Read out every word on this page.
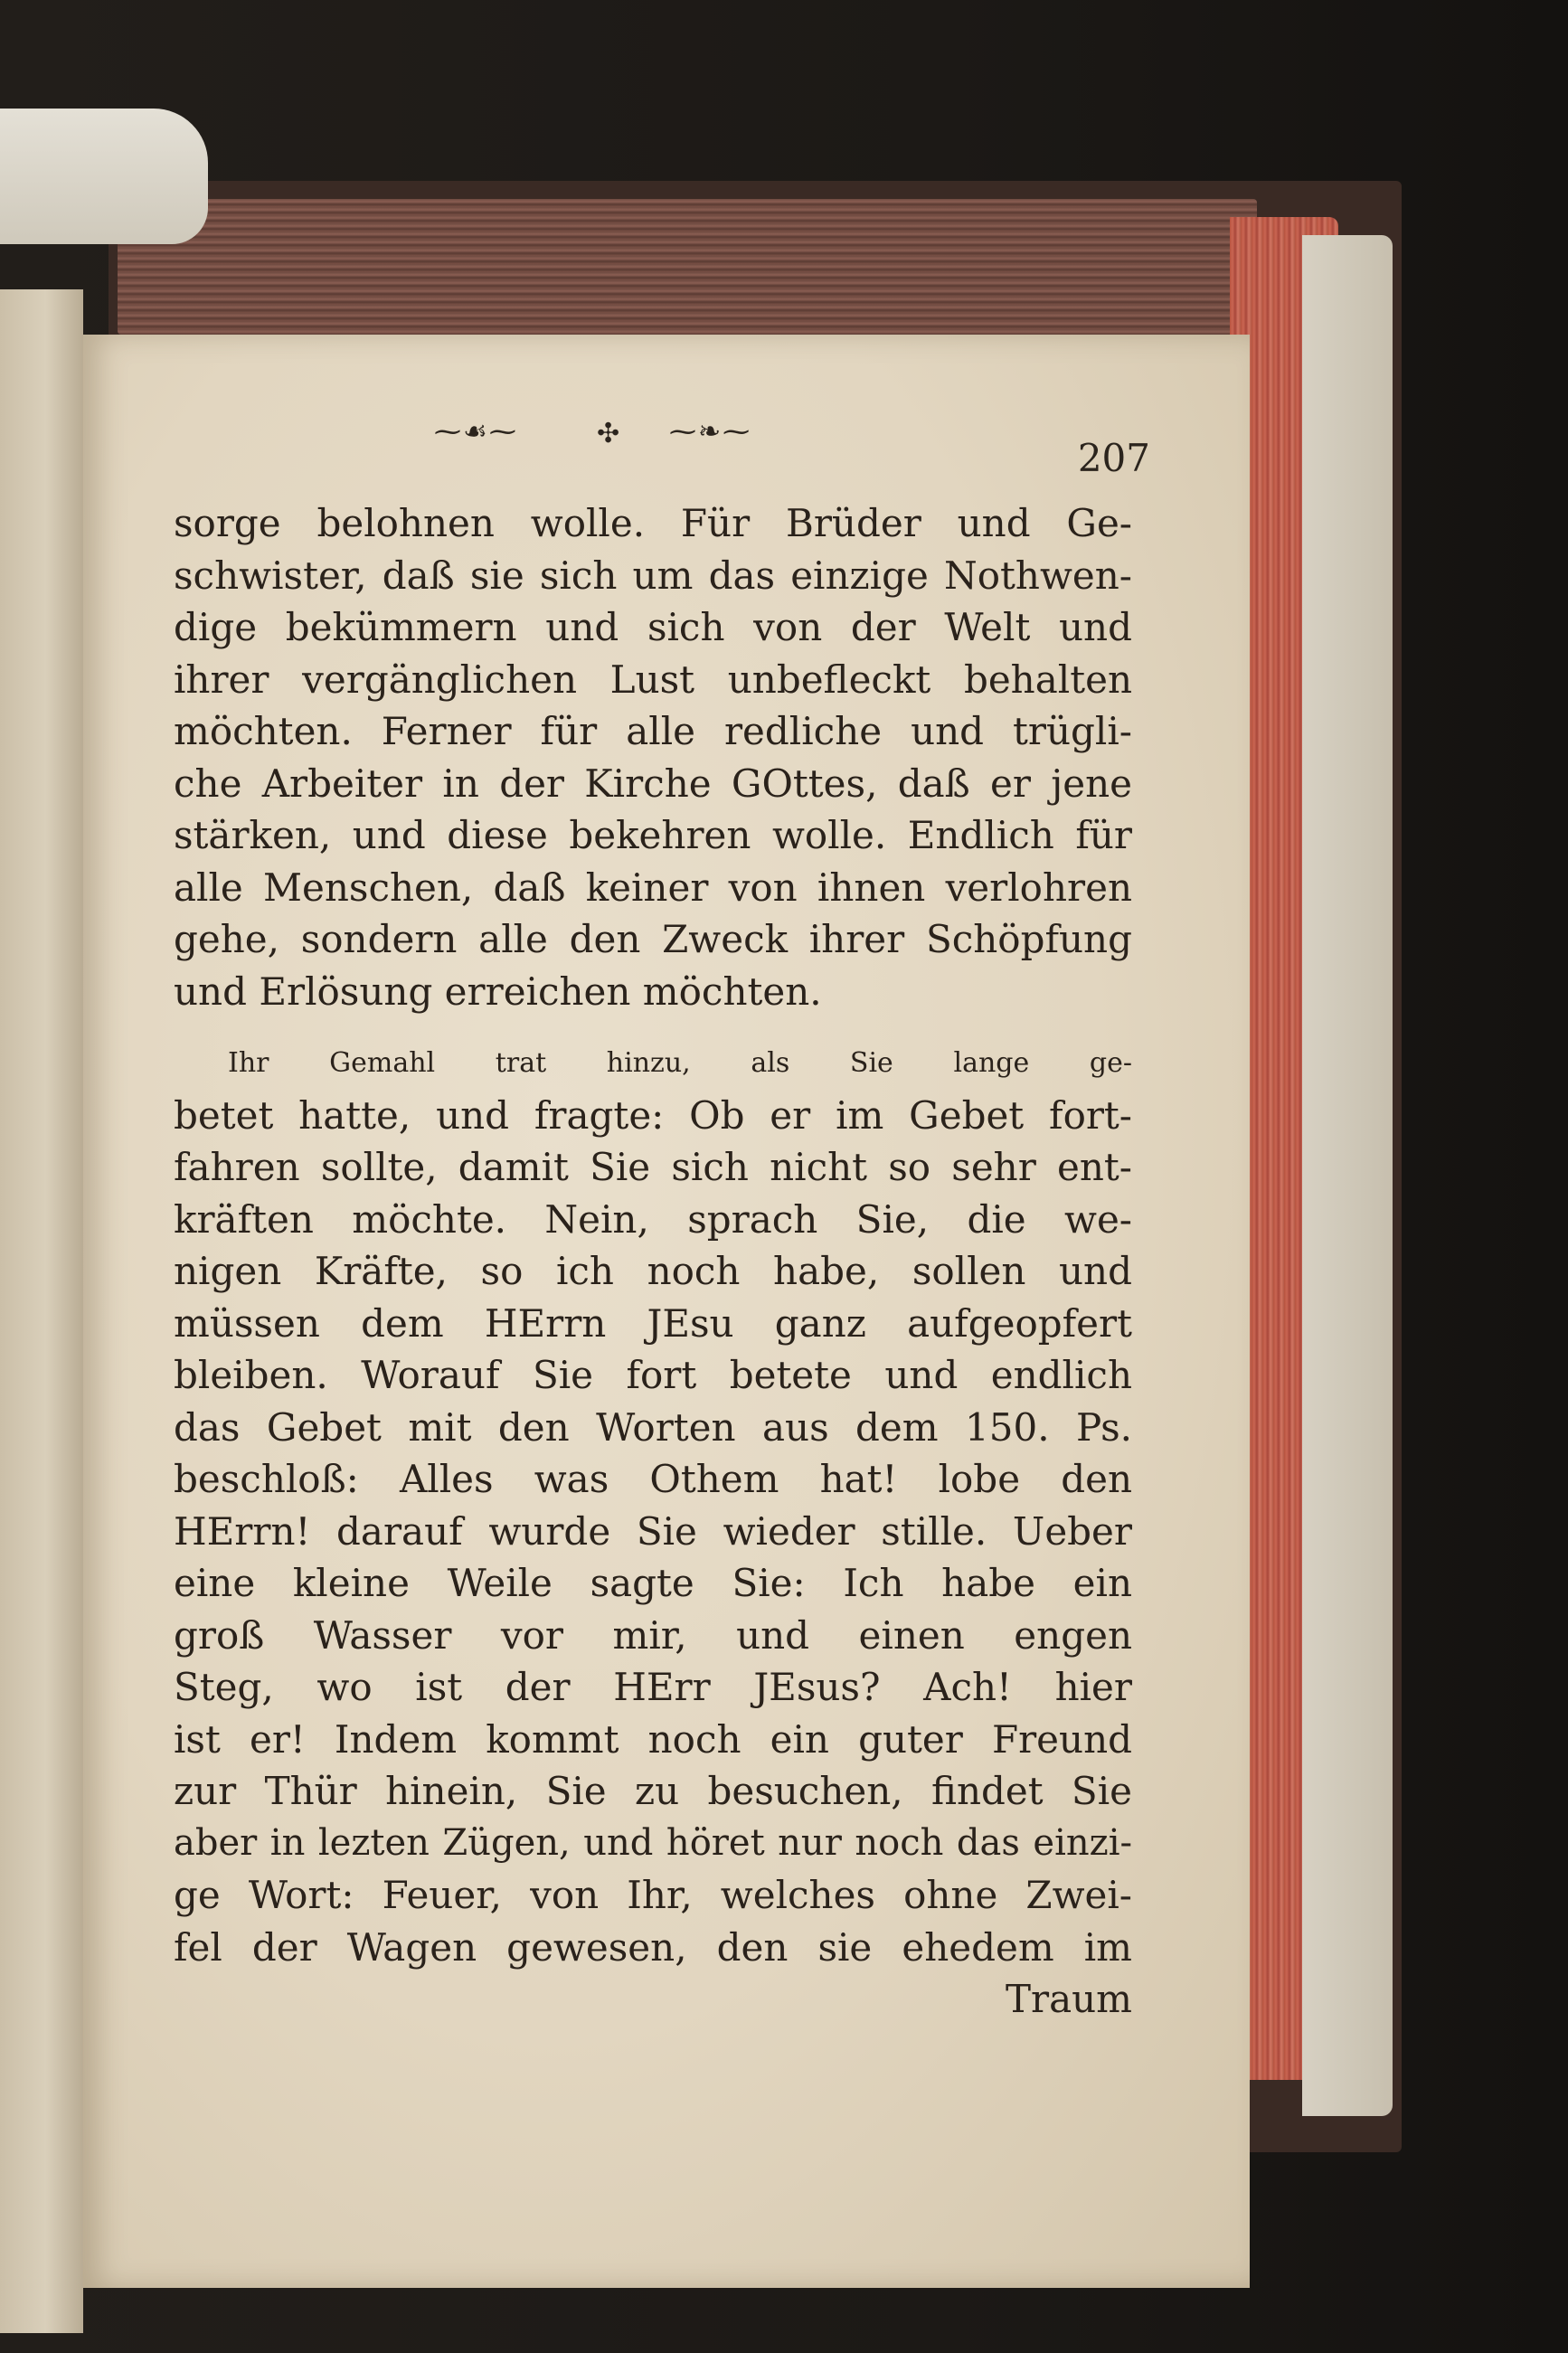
⁓☙⁓	✣ ⁓❧⁓
207
sorge belohnen wolle. Für Brüder und Ge-
schwister, daß sie sich um das einzige Nothwen-
dige bekümmern und sich von der Welt und
ihrer vergänglichen Lust unbefleckt behalten
möchten. Ferner für alle redliche und trügli-
che Arbeiter in der Kirche GOttes, daß er jene
stärken, und diese bekehren wolle. Endlich für
alle Menschen, daß keiner von ihnen verlohren
gehe, sondern alle den Zweck ihrer Schöpfung
und Erlösung erreichen möchten.
Ihr Gemahl trat hinzu, als Sie lange ge-
betet hatte, und fragte: Ob er im Gebet fort-
fahren sollte, damit Sie sich nicht so sehr ent-
kräften möchte. Nein, sprach Sie, die we-
nigen Kräfte, so ich noch habe, sollen und
müssen dem HErrn JEsu ganz aufgeopfert
bleiben. Worauf Sie fort betete und endlich
das Gebet mit den Worten aus dem 150. Ps.
beschloß: Alles was Othem hat! lobe den
HErrn! darauf wurde Sie wieder stille. Ueber
eine kleine Weile sagte Sie: Ich habe ein
groß Wasser vor mir, und einen engen
Steg, wo ist der HErr JEsus? Ach! hier
ist er! Indem kommt noch ein guter Freund
zur Thür hinein, Sie zu besuchen, findet Sie
aber in lezten Zügen, und höret nur noch das einzi-
ge Wort: Feuer, von Ihr, welches ohne Zwei-
fel der Wagen gewesen, den sie ehedem im
Traum
